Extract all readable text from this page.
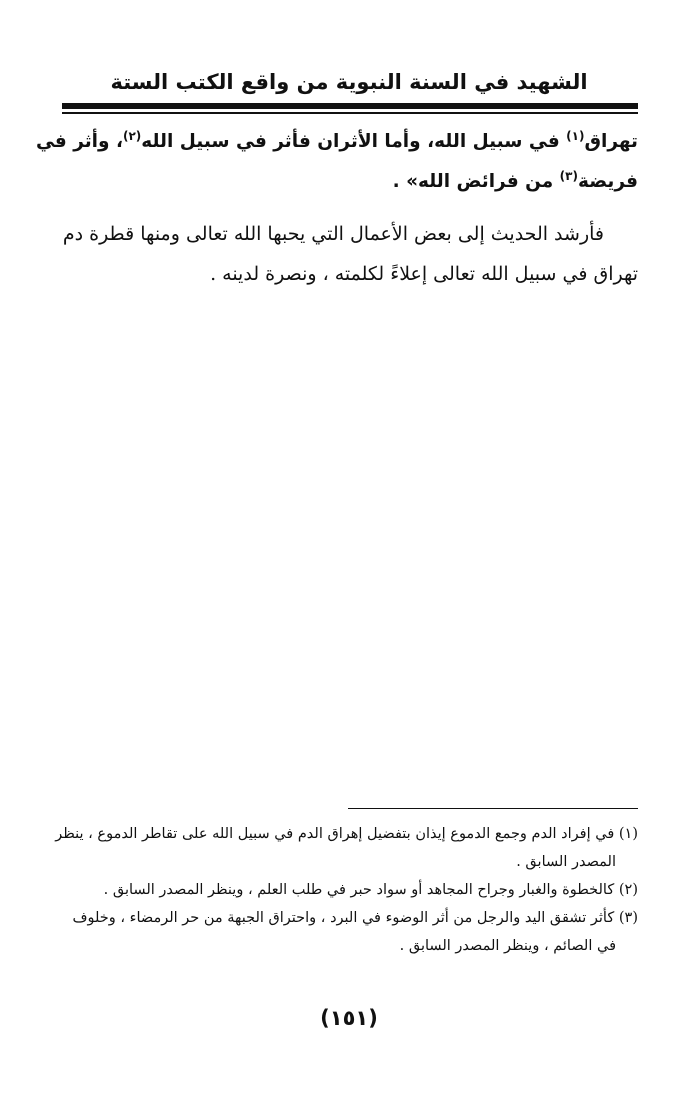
الشهيد في السنة النبوية من واقع الكتب الستة

تهراق$^{(١)}$ في سبيل الله، وأما الأثران فأثر في سبيل الله$^{(٢)}$، وأثر في

فريضة$^{(٣)}$ من فرائض الله» .

فأرشد الحديث إلى بعض الأعمال التي يحبها الله تعالى ومنها قطرة دم

تهراق في سبيل الله تعالى إعلاءً لكلمته ، ونصرة لدينه .

(١) في إفراد الدم وجمع الدموع إيذان بتفضيل إهراق الدم في سبيل الله على تقاطر الدموع ، ينظر

المصدر السابق .

(٢) كالخطوة والغبار وجراح المجاهد أو سواد حبر في طلب العلم ، وينظر المصدر السابق .

(٣) كأثر تشقق اليد والرجل من أثر الوضوء في البرد ، واحتراق الجبهة من حر الرمضاء ، وخلوف

في الصائم ، وينظر المصدر السابق .

(١٥١)
